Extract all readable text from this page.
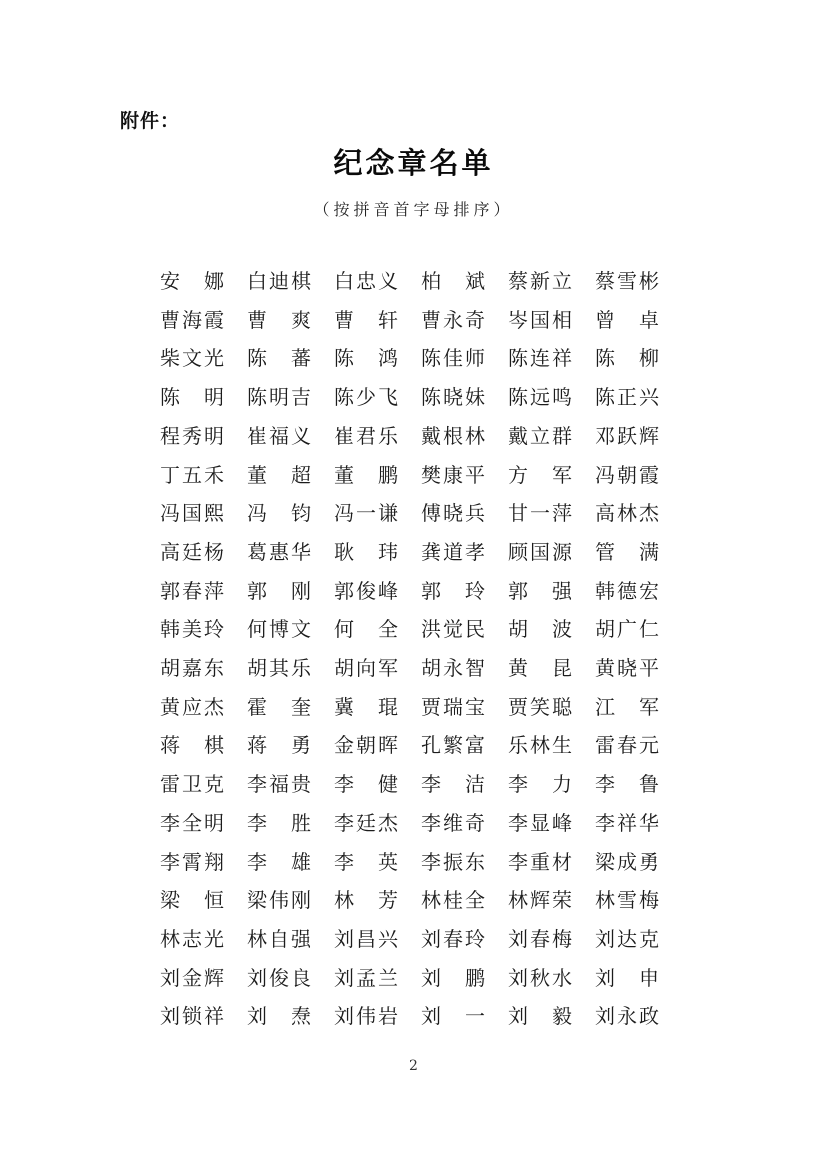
附件：
纪念章名单
（按拼音首字母排序）
安娜 白迪棋 白忠义 柏斌 蔡新立 蔡雪彬
曹海霞 曹爽 曹轩 曹永奇 岑国相 曾卓
柴文光 陈蕃 陈鸿 陈佳师 陈连祥 陈柳
陈明 陈明吉 陈少飞 陈晓妹 陈远鸣 陈正兴
程秀明 崔福义 崔君乐 戴根林 戴立群 邓跃辉
丁五禾 董超 董鹏 樊康平 方军 冯朝霞
冯国熙 冯钧 冯一谦 傅晓兵 甘一萍 高林杰
高廷杨 葛惠华 耿玮 龚道孝 顾国源 管满
郭春萍 郭刚 郭俊峰 郭玲 郭强 韩德宏
韩美玲 何博文 何全 洪觉民 胡波 胡广仁
胡嘉东 胡其乐 胡向军 胡永智 黄昆 黄晓平
黄应杰 霍奎 冀琨 贾瑞宝 贾笑聪 江军
蒋棋 蒋勇 金朝晖 孔繁富 乐林生 雷春元
雷卫克 李福贵 李健 李洁 李力 李鲁
李全明 李胜 李廷杰 李维奇 李显峰 李祥华
李霄翔 李雄 李英 李振东 李重材 梁成勇
梁恒 梁伟刚 林芳 林桂全 林辉荣 林雪梅
林志光 林自强 刘昌兴 刘春玲 刘春梅 刘达克
刘金辉 刘俊良 刘孟兰 刘鹏 刘秋水 刘申
刘锁祥 刘焘 刘伟岩 刘一 刘毅 刘永政
2
